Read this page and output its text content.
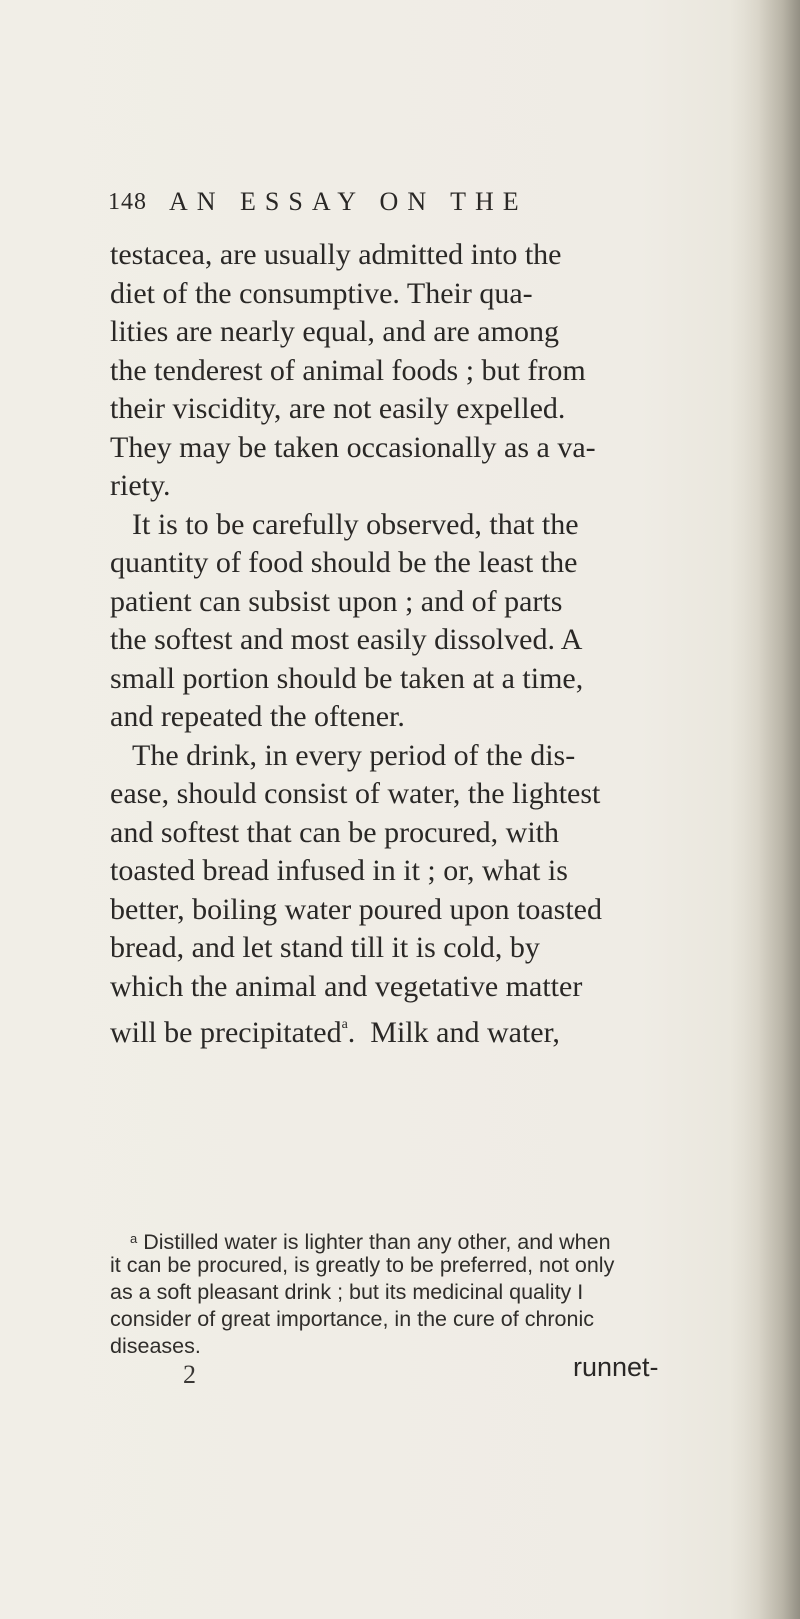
148 AN ESSAY ON THE
testacea, are usually admitted into the
diet of the consumptive. Their qua-
lities are nearly equal, and are among
the tenderest of animal foods ; but from
their viscidity, are not easily expelled.
They may be taken occasionally as a va-
riety.
It is to be carefully observed, that the
quantity of food should be the least the
patient can subsist upon ; and of parts
the softest and most easily dissolved. A
small portion should be taken at a time,
and repeated the oftener.
The drink, in every period of the dis-
ease, should consist of water, the lightest
and softest that can be procured, with
toasted bread infused in it ; or, what is
better, boiling water poured upon toasted
bread, and let stand till it is cold, by
which the animal and vegetative matter
will be precipitated$^a$.  Milk and water,
$^a$ Distilled water is lighter than any other, and when
it can be procured, is greatly to be preferred, not only
as a soft pleasant drink ; but its medicinal quality I
consider of great importance, in the cure of chronic
diseases.
2	runnet-
